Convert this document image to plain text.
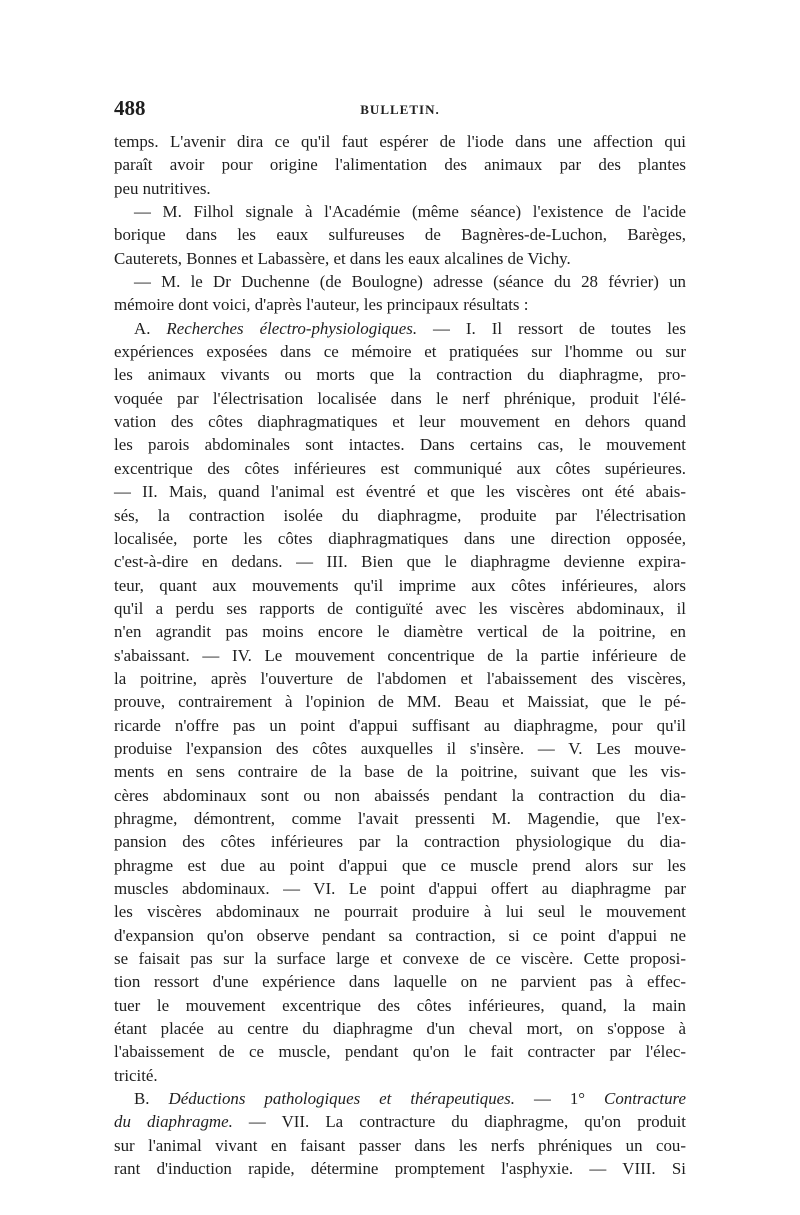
488	BULLETIN.
temps. L'avenir dira ce qu'il faut espérer de l'iode dans une affection qui
paraît avoir pour origine l'alimentation des animaux par des plantes
peu nutritives.
— M. Filhol signale à l'Académie (même séance) l'existence de l'acide
borique dans les eaux sulfureuses de Bagnères-de-Luchon, Barèges,
Cauterets, Bonnes et Labassère, et dans les eaux alcalines de Vichy.
— M. le Dr Duchenne (de Boulogne) adresse (séance du 28 février) un
mémoire dont voici, d'après l'auteur, les principaux résultats :
A. Recherches électro-physiologiques. — I. Il ressort de toutes les
expériences exposées dans ce mémoire et pratiquées sur l'homme ou sur
les animaux vivants ou morts que la contraction du diaphragme, pro-
voquée par l'électrisation localisée dans le nerf phrénique, produit l'élé-
vation des côtes diaphragmatiques et leur mouvement en dehors quand
les parois abdominales sont intactes. Dans certains cas, le mouvement
excentrique des côtes inférieures est communiqué aux côtes supérieures.
— II. Mais, quand l'animal est éventré et que les viscères ont été abais-
sés, la contraction isolée du diaphragme, produite par l'électrisation
localisée, porte les côtes diaphragmatiques dans une direction opposée,
c'est-à-dire en dedans. — III. Bien que le diaphragme devienne expira-
teur, quant aux mouvements qu'il imprime aux côtes inférieures, alors
qu'il a perdu ses rapports de contiguïté avec les viscères abdominaux, il
n'en agrandit pas moins encore le diamètre vertical de la poitrine, en
s'abaissant. — IV. Le mouvement concentrique de la partie inférieure de
la poitrine, après l'ouverture de l'abdomen et l'abaissement des viscères,
prouve, contrairement à l'opinion de MM. Beau et Maissiat, que le pé-
ricarde n'offre pas un point d'appui suffisant au diaphragme, pour qu'il
produise l'expansion des côtes auxquelles il s'insère. — V. Les mouve-
ments en sens contraire de la base de la poitrine, suivant que les vis-
cères abdominaux sont ou non abaissés pendant la contraction du dia-
phragme, démontrent, comme l'avait pressenti M. Magendie, que l'ex-
pansion des côtes inférieures par la contraction physiologique du dia-
phragme est due au point d'appui que ce muscle prend alors sur les
muscles abdominaux. — VI. Le point d'appui offert au diaphragme par
les viscères abdominaux ne pourrait produire à lui seul le mouvement
d'expansion qu'on observe pendant sa contraction, si ce point d'appui ne
se faisait pas sur la surface large et convexe de ce viscère. Cette proposi-
tion ressort d'une expérience dans laquelle on ne parvient pas à effec-
tuer le mouvement excentrique des côtes inférieures, quand, la main
étant placée au centre du diaphragme d'un cheval mort, on s'oppose à
l'abaissement de ce muscle, pendant qu'on le fait contracter par l'élec-
tricité.
B. Déductions pathologiques et thérapeutiques. — 1° Contracture
du diaphragme. — VII. La contracture du diaphragme, qu'on produit
sur l'animal vivant en faisant passer dans les nerfs phréniques un cou-
rant d'induction rapide, détermine promptement l'asphyxie. — VIII. Si
